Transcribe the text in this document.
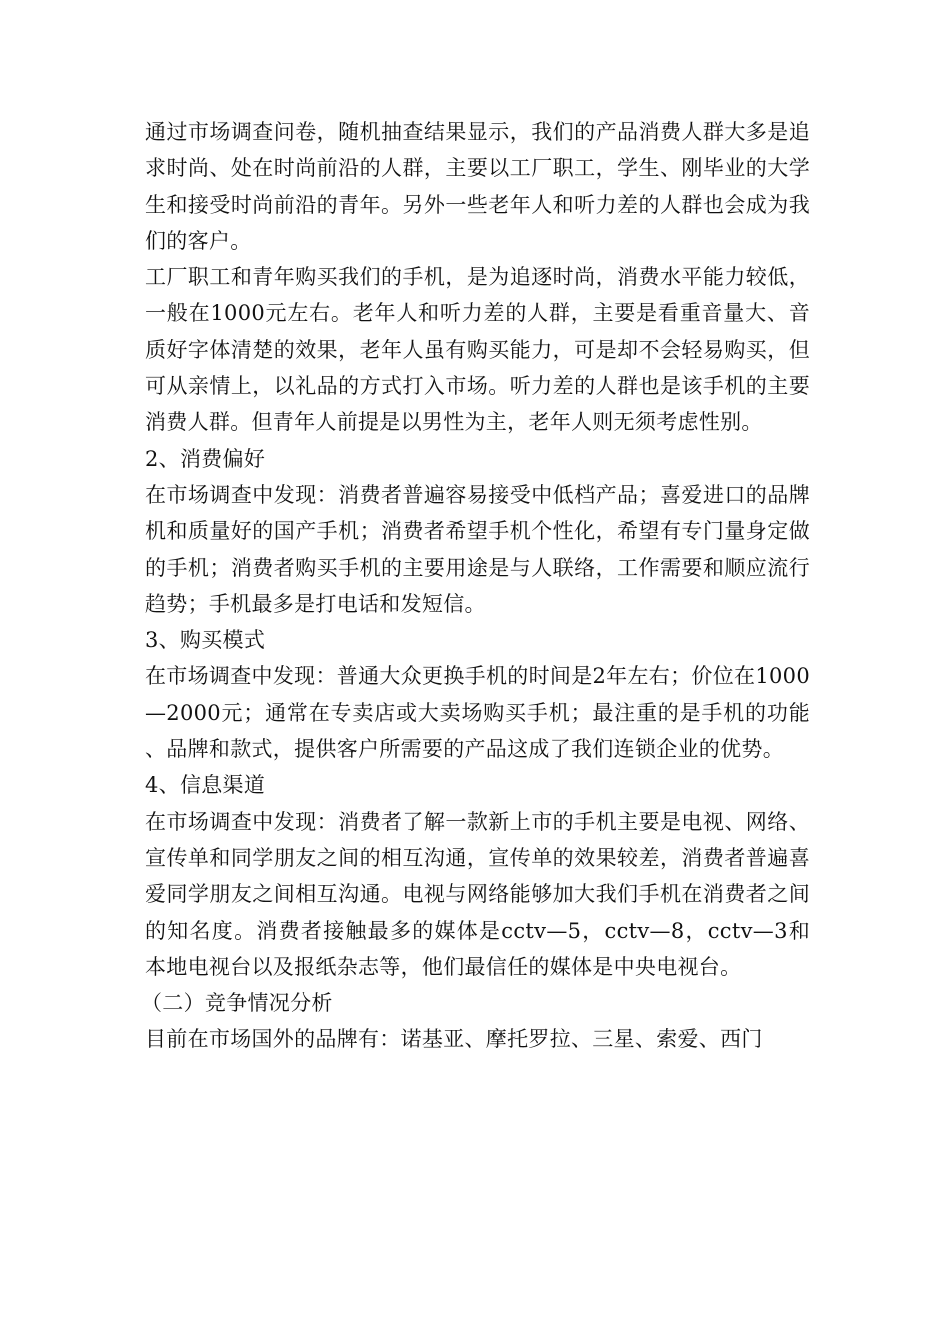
通过市场调查问卷，随机抽查结果显示，我们的产品消费人群大多是追求时尚、处在时尚前沿的人群，主要以工厂职工，学生、刚毕业的大学生和接受时尚前沿的青年。另外一些老年人和听力差的人群也会成为我们的客户。

工厂职工和青年购买我们的手机，是为追逐时尚，消费水平能力较低，一般在1000元左右。老年人和听力差的人群，主要是看重音量大、音质好字体清楚的效果，老年人虽有购买能力，可是却不会轻易购买，但可从亲情上，以礼品的方式打入市场。听力差的人群也是该手机的主要消费人群。但青年人前提是以男性为主，老年人则无须考虑性别。

2、消费偏好

在市场调查中发现：消费者普遍容易接受中低档产品；喜爱进口的品牌机和质量好的国产手机；消费者希望手机个性化，希望有专门量身定做的手机；消费者购买手机的主要用途是与人联络，工作需要和顺应流行趋势；手机最多是打电话和发短信。

3、购买模式

在市场调查中发现：普通大众更换手机的时间是2年左右；价位在1000—2000元；通常在专卖店或大卖场购买手机；最注重的是手机的功能、品牌和款式，提供客户所需要的产品这成了我们连锁企业的优势。

4、信息渠道

在市场调查中发现：消费者了解一款新上市的手机主要是电视、网络、宣传单和同学朋友之间的相互沟通，宣传单的效果较差，消费者普遍喜爱同学朋友之间相互沟通。电视与网络能够加大我们手机在消费者之间的知名度。消费者接触最多的媒体是cctv—5，cctv—8，cctv—3和本地电视台以及报纸杂志等，他们最信任的媒体是中央电视台。

（二）竞争情况分析

目前在市场国外的品牌有：诺基亚、摩托罗拉、三星、索爱、西门
